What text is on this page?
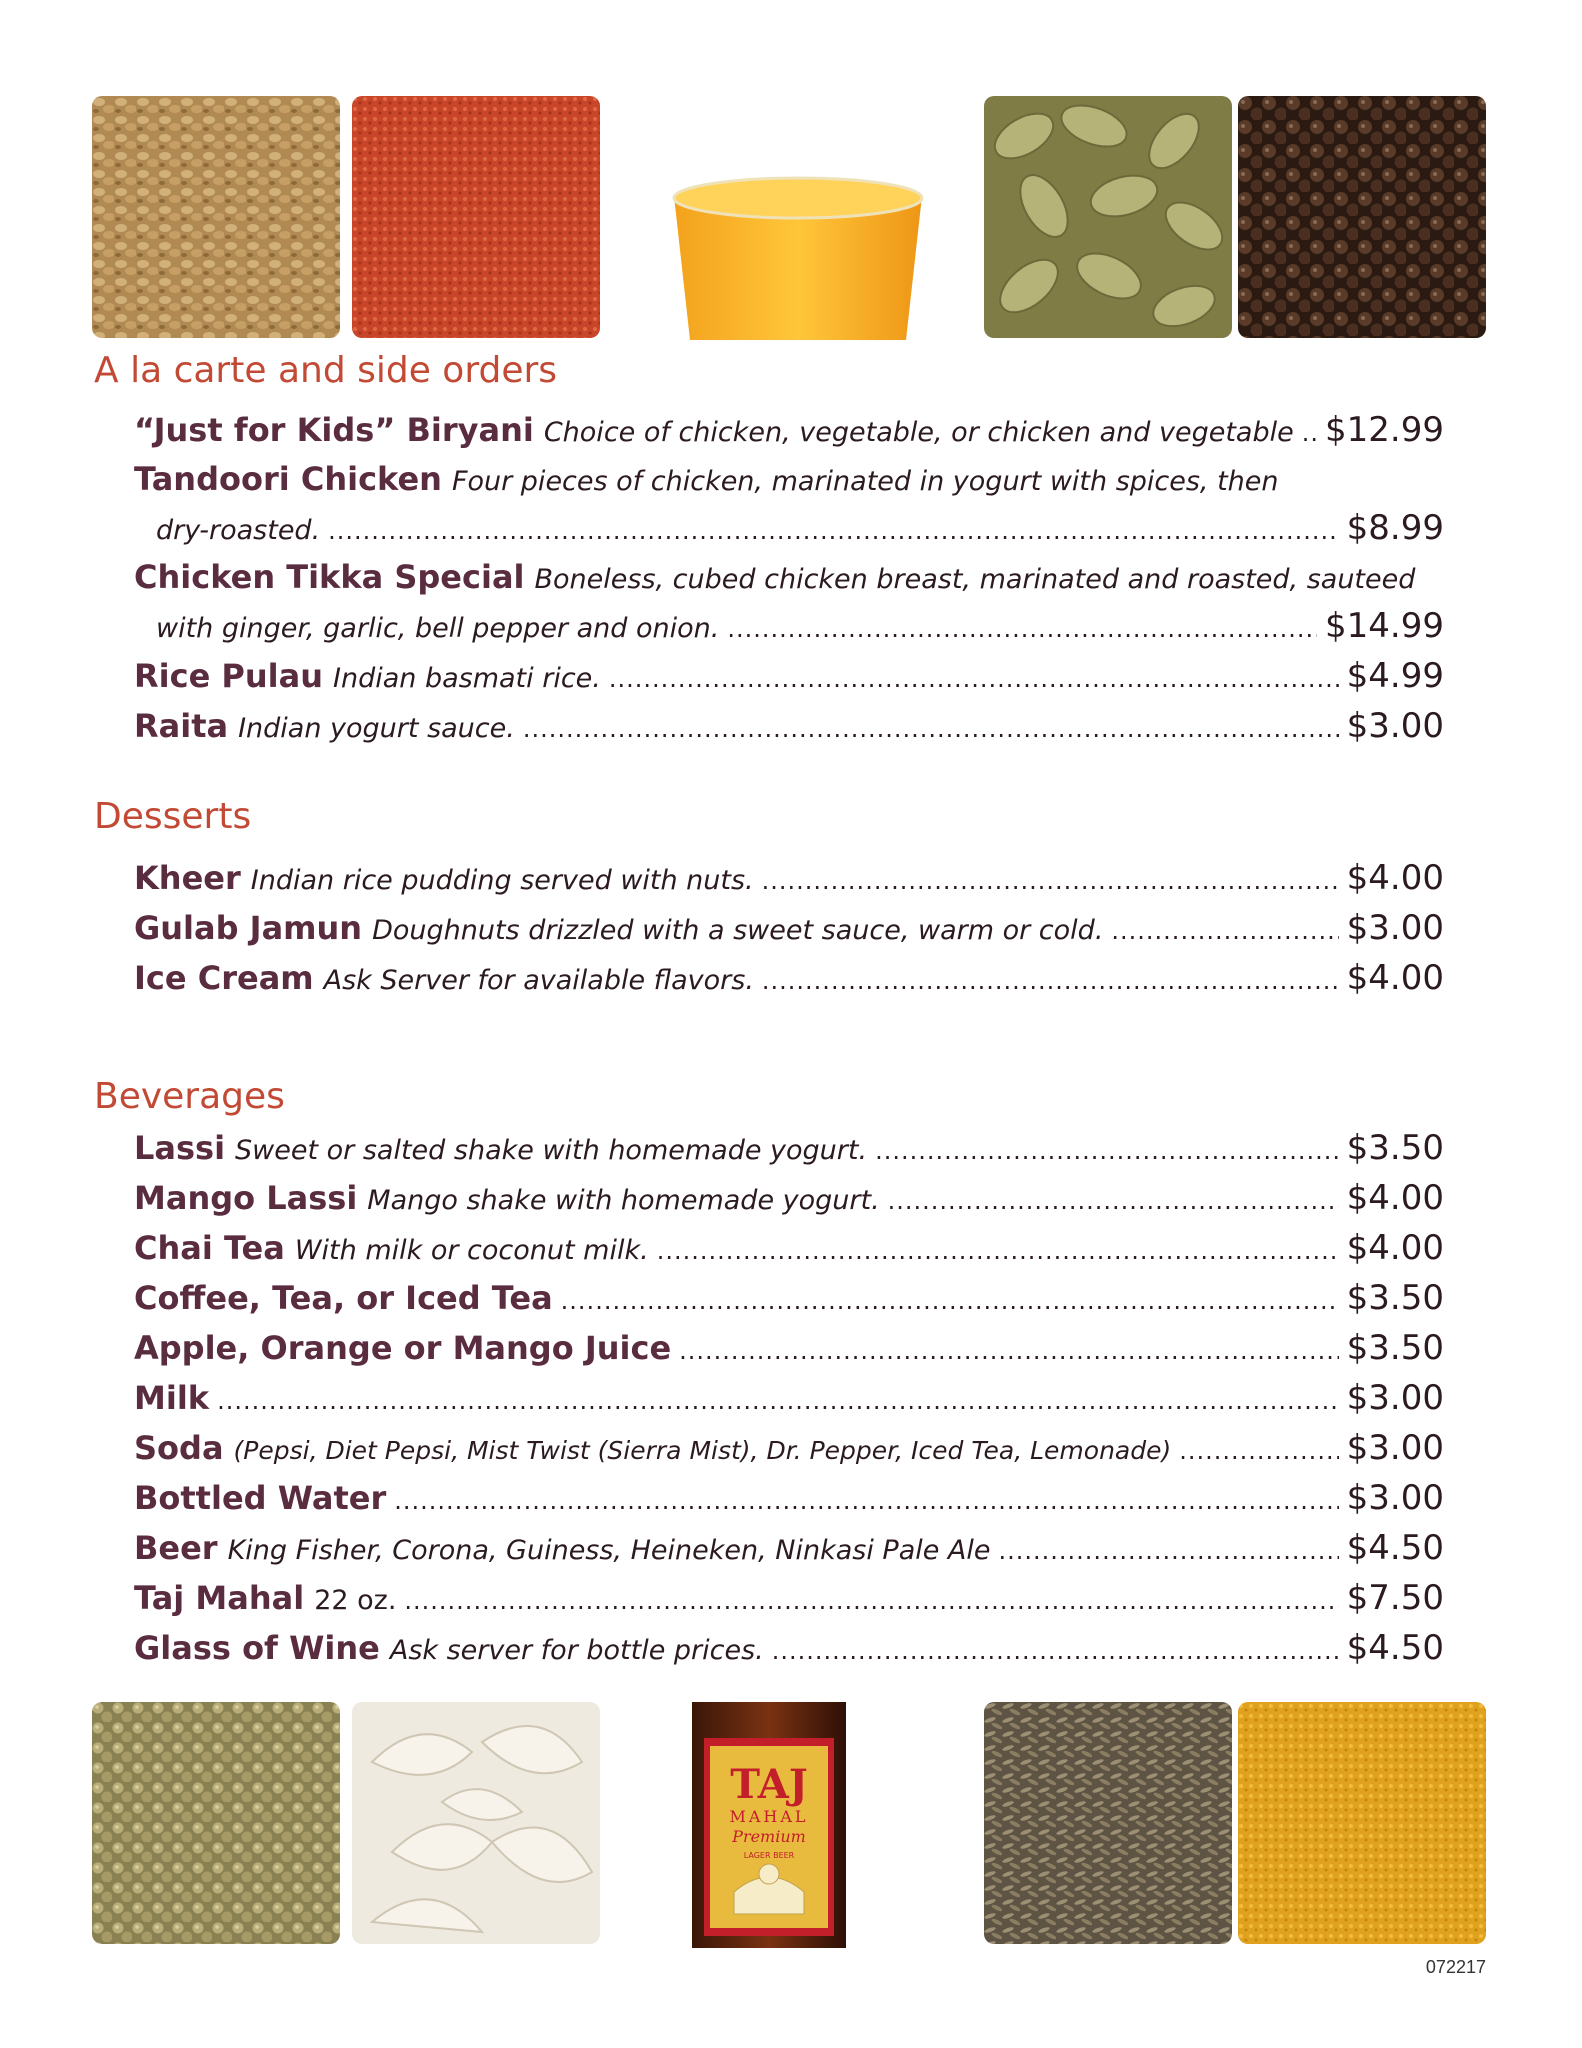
A la carte and side orders
“Just for Kids” Biryani Choice of chicken, vegetable, or chicken and vegetable ..... $12.99
Tandoori Chicken Four pieces of chicken, marinated in yogurt with spices, then
dry-roasted. .....	$8.99
Chicken Tikka Special Boneless, cubed chicken breast, marinated and roasted, sauteed
with ginger, garlic, bell pepper and onion. .....	$14.99
Rice Pulau Indian basmati rice. .....	$4.99
Raita Indian yogurt sauce. .....	$3.00
Desserts
Kheer Indian rice pudding served with nuts. .....	$4.00
Gulab Jamun Doughnuts drizzled with a sweet sauce, warm or cold. .....	$3.00
Ice Cream Ask Server for available flavors. .....	$4.00
Beverages
Lassi Sweet or salted shake with homemade yogurt. .....	$3.50
Mango Lassi Mango shake with homemade yogurt. .....	$4.00
Chai Tea With milk or coconut milk. .....	$4.00
Coffee, Tea, or Iced Tea .....	$3.50
Apple, Orange or Mango Juice .....	$3.50
Milk .....	$3.00
Soda (Pepsi, Diet Pepsi, Mist Twist (Sierra Mist), Dr. Pepper, Iced Tea, Lemonade) .....	$3.00
Bottled Water .....	$3.00
Beer King Fisher, Corona, Guiness, Heineken, Ninkasi Pale Ale .....	$4.50
Taj Mahal 22 oz. .....	$7.50
Glass of Wine Ask server for bottle prices. .....	$4.50
TAJ
MAHAL
Premium
LAGER BEER
072217
